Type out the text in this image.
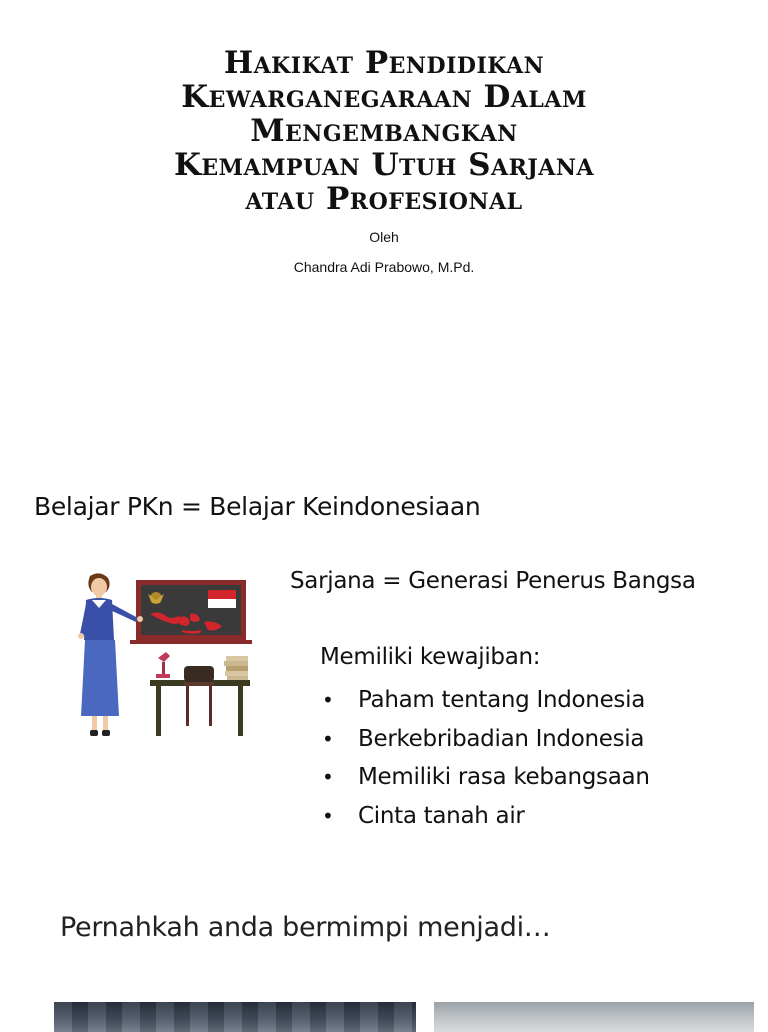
Hakikat Pendidikan
Kewarganegaraan Dalam
Mengembangkan
Kemampuan Utuh Sarjana
atau Profesional
Oleh
Chandra Adi Prabowo, M.Pd.
Belajar PKn = Belajar Keindonesiaan
Sarjana = Generasi Penerus Bangsa
Memiliki kewajiban:
• Paham tentang Indonesia
• Berkebribadian Indonesia
• Memiliki rasa kebangsaan
• Cinta tanah air
Pernahkah anda bermimpi menjadi…
